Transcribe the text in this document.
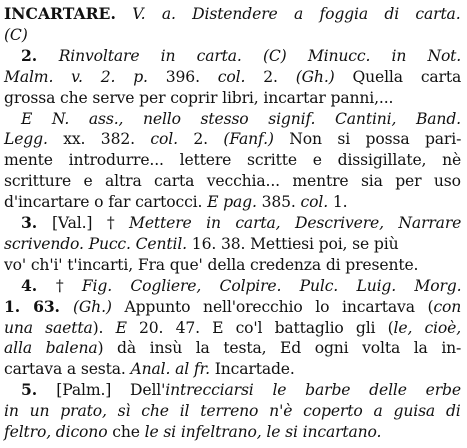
INCARTARE. V. a. Distendere a foggia di carta.
(C)
2. Rinvoltare in carta. (C) Minucc. in Not.
Malm. v. 2. p. 396. col. 2. (Gh.) Quella carta
grossa che serve per coprir libri, incartar panni,...
E N. ass., nello stesso signif. Cantini, Band.
Legg. xx. 382. col. 2. (Fanf.) Non si possa pari-
mente introdurre... lettere scritte e dissigillate, nè
scritture e altra carta vecchia... mentre sia per uso
d'incartare o far cartocci. E pag. 385. col. 1.
3. [Val.] † Mettere in carta, Descrivere, Narrare
scrivendo. Pucc. Centil. 16. 38. Mettiesi poi, se più
vo' ch'i' t'incarti, Fra que' della credenza di presente.
4. † Fig. Cogliere, Colpire. Pulc. Luig. Morg.
1. 63. (Gh.) Appunto nell'orecchio lo incartava (con
una saetta). E 20. 47. E co'l battaglio gli (le, cioè,
alla balena) dà insù la testa, Ed ogni volta la in-
cartava a sesta. Anal. al fr. Incartade.
5. [Palm.] Dell'intrecciarsi le barbe delle erbe
in un prato, sì che il terreno n'è coperto a guisa di
feltro, dicono che le si infeltrano, le si incartano.
